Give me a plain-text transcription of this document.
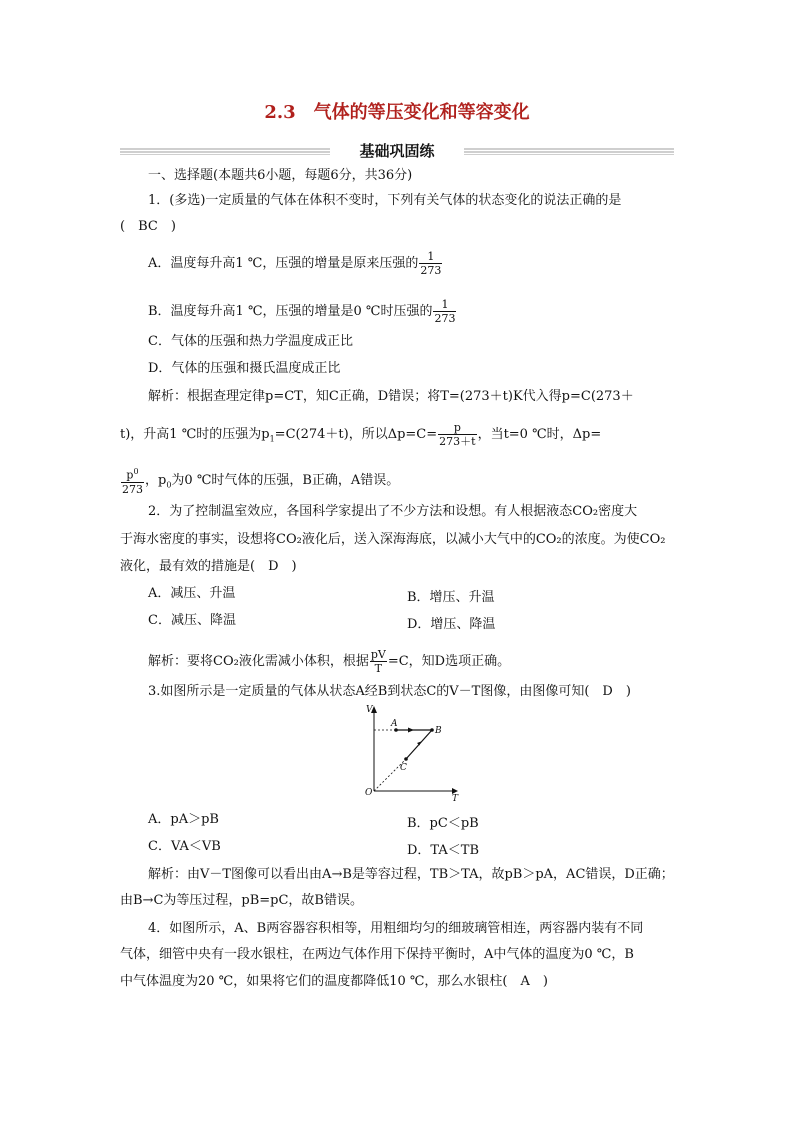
2.3　气体的等压变化和等容变化
基础巩固练
一、选择题(本题共6小题，每题6分，共36分)
1．(多选)一定质量的气体在体积不变时，下列有关气体的状态变化的说法正确的是
(　BC　)
A．温度每升高1 ℃，压强的增量是原来压强的 $\frac{1}{273}$
B．温度每升高1 ℃，压强的增量是0 ℃时压强的 $\frac{1}{273}$
C．气体的压强和热力学温度成正比
D．气体的压强和摄氏温度成正比
解析：根据查理定律p=CT，知C正确，D错误；将T=(273＋t)K代入得p=C(273＋
t)，升高1 ℃时的压强为$p_1=C(274+t)$，所以$\Delta p=C= \frac{p}{273+t}$ ，当t=0 ℃时，Δp=
$\frac{p^0}{273}$ ，$p_0$为0 ℃时气体的压强，B正确，A错误。
2．为了控制温室效应，各国科学家提出了不少方法和设想。有人根据液态CO₂密度大
于海水密度的事实，设想将CO₂液化后，送入深海海底，以减小大气中的CO₂的浓度。为使CO₂
液化，最有效的措施是(　D　)
A．减压、升温	B．增压、升温
C．减压、降温	D．增压、降温
解析：要将CO₂液化需减小体积，根据 $\frac{pV}{T} =C$，知D选项正确。
3.如图所示是一定质量的气体从状态A经B到状态C的V－T图像，由图像可知(　D　)
V
T
O
A
B
C
A．pA＞pB	B．pC＜pB
C．VA＜VB	D．TA＜TB
解析：由V－T图像可以看出由A→B是等容过程，TB＞TA，故pB＞pA，AC错误，D正确；
由B→C为等压过程，pB=pC，故B错误。
4．如图所示，A、B两容器容积相等，用粗细均匀的细玻璃管相连，两容器内装有不同
气体，细管中央有一段水银柱，在两边气体作用下保持平衡时，A中气体的温度为0 ℃，B
中气体温度为20 ℃，如果将它们的温度都降低10 ℃，那么水银柱(　A　)
